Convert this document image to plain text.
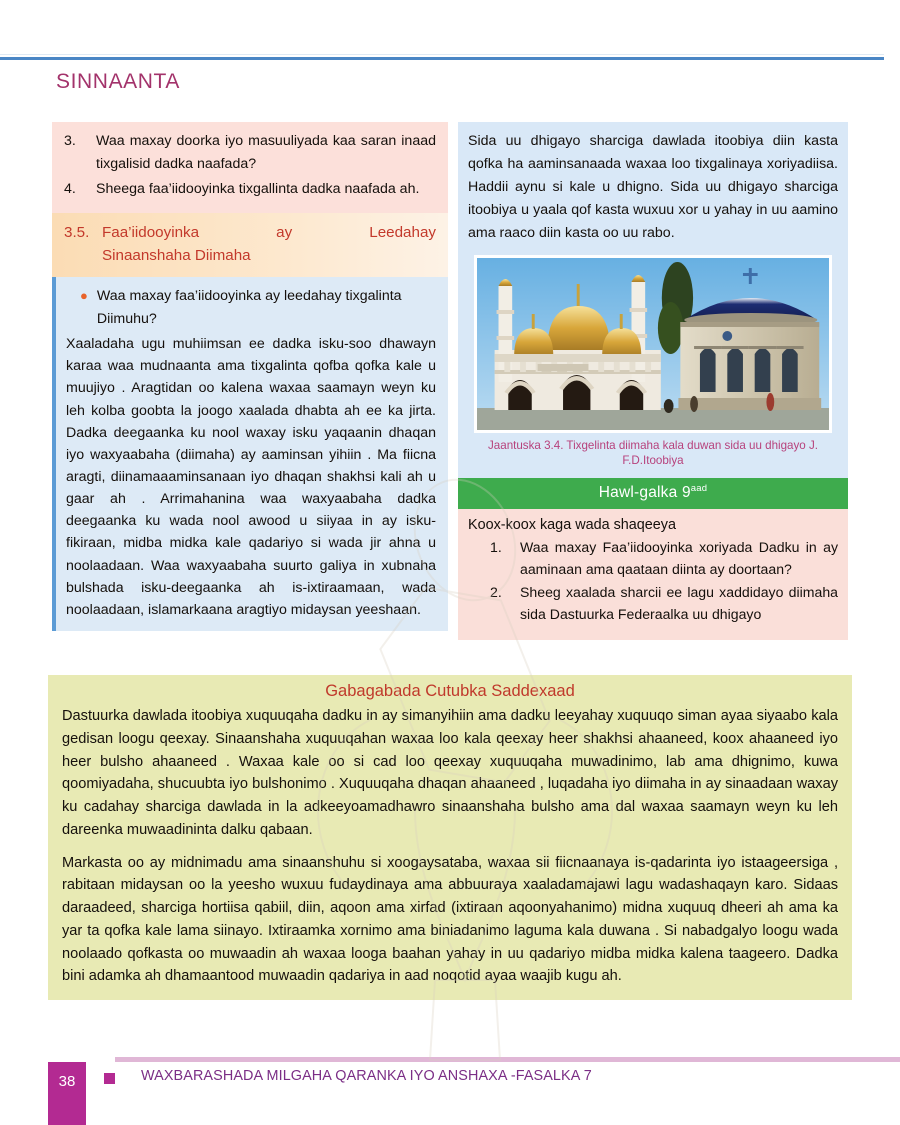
SINNAANTA
3.	Waa maxay doorka iyo masuuliyada kaa saran inaad tixgalisid dadka naafada?
4.	Sheega faa’iidooyinka tixgallinta dadka naafada ah.
3.5. Faa’iidooyinka ay Leedahay
Sinaanshaha Diimaha
● Waa maxay faa’iidooyinka ay leedahay tixgalinta Diimuhu?
Xaaladaha ugu muhiimsan ee dadka isku-soo dhawayn karaa waa mudnaanta ama tixgalinta qofba qofka kale u muujiyo . Aragtidan oo kalena waxaa saamayn weyn ku leh kolba goobta la joogo xaalada dhabta ah ee ka jirta. Dadka deegaanka ku nool waxay isku yaqaanin dhaqan iyo waxyaabaha (diimaha) ay aaminsan yihiin . Ma fiicna aragti, diinamaaaminsanaan iyo dhaqan shakhsi kali ah u gaar ah . Arrimahanina waa waxyaabaha dadka deegaanka ku wada nool awood u siiyaa in ay isku-fikiraan, midba midka kale qadariyo si wada jir ahna u noolaadaan. Waa waxyaabaha suurto galiya in xubnaha bulshada isku-deegaanka ah is-ixtiraamaan, wada noolaadaan, islamarkaana aragtiyo midaysan yeeshaan.

Sida uu dhigayo sharciga dawlada itoobiya diin kasta qofka ha aaminsanaada waxaa loo tixgalinaya xoriyadiisa. Haddii aynu si kale u dhigno. Sida uu dhigayo sharciga itoobiya u yaala qof kasta wuxuu xor u yahay in uu aamino ama raaco diin kasta oo uu rabo.

Jaantuska 3.4. Tixgelinta diimaha kala duwan sida uu dhigayo J. F.D.Itoobiya
Hawl-galka $9^{aad}$
Koox-koox kaga wada shaqeeya
1.	Waa maxay Faa’iidooyinka xoriyada Dadku in ay aaminaan ama qaataan diinta ay doortaan?
2.	Sheeg xaalada sharcii ee lagu xaddidayo diimaha sida Dastuurka Federaalka uu dhigayo
Gabagabada Cutubka Saddexaad

Dastuurka dawlada itoobiya xuquuqaha dadku in ay simanyihiin ama dadku leeyahay xuquuqo siman ayaa siyaabo kala gedisan loogu qeexay. Sinaanshaha xuquuqahan waxaa loo kala qeexay heer shakhsi ahaaneed, koox ahaaneed iyo heer bulsho ahaaneed . Waxaa kale oo si cad loo qeexay xuquuqaha muwadinimo, lab ama dhignimo, kuwa qoomiyadaha, shucuubta iyo bulshonimo . Xuquuqaha dhaqan ahaaneed , luqadaha iyo diimaha in ay sinaadaan waxay ku cadahay sharciga dawlada in la adkeeyoamadhawro sinaanshaha bulsho ama dal waxaa saamayn weyn ku leh dareenka muwaadininta dalku qabaan.

Markasta oo ay midnimadu ama sinaanshuhu si xoogaysataba, waxaa sii fiicnaanaya is-qadarinta iyo istaageersiga , rabitaan midaysan oo la yeesho wuxuu fudaydinaya ama abbuuraya xaaladamajawi lagu wadashaqayn karo. Sidaas daraadeed, sharciga hortiisa qabiil, diin, aqoon ama xirfad (ixtiraan aqoonyahanimo) midna xuquuq dheeri ah ama ka yar ta qofka kale lama siinayo. Ixtiraamka xornimo ama biniadanimo laguma kala duwana . Si nabadgalyo loogu wada noolaado qofkasta oo muwaadin ah waxaa looga baahan yahay in uu qadariyo midba midka kalena taageero. Dadka bini adamka ah dhamaantood muwaadin qadariya in aad noqotid ayaa waajib kugu ah.

38	WAXBARASHADA MILGAHA QARANKA IYO ANSHAXA -FASALKA 7
